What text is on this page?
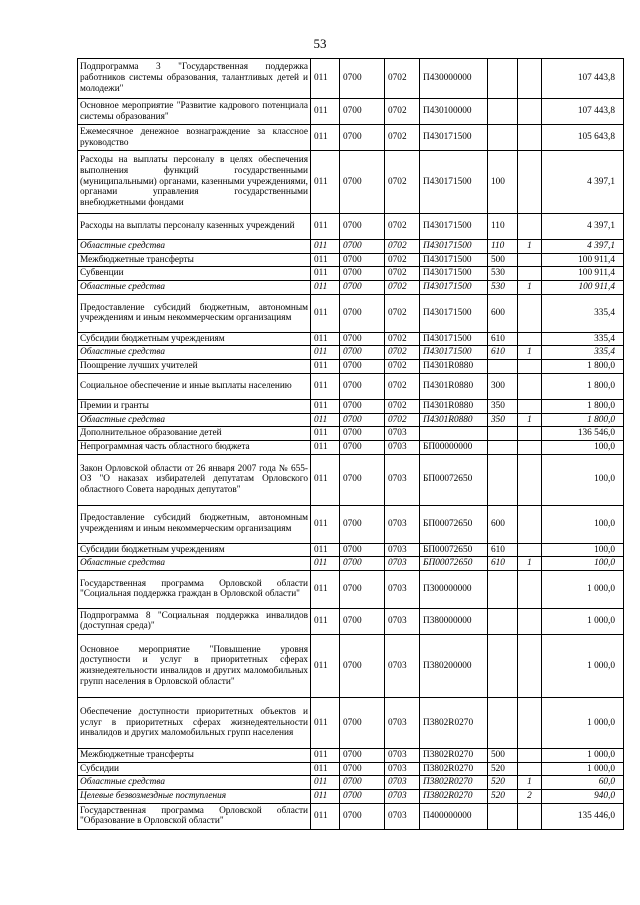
53
Подпрограмма 3 "Государственная поддержка работников системы образования, талантливых детей и молодежи"	011	0700	0702	П430000000			107 443,8
Основное мероприятие "Развитие кадрового потенциала системы образования"	011	0700	0702	П430100000			107 443,8
Ежемесячное денежное вознаграждение за классное руководство	011	0700	0702	П430171500			105 643,8
Расходы на выплаты персоналу в целях обеспечения выполнения функций государственными (муниципальными) органами, казенными учреждениями, органами управления государственными внебюджетными фондами	011	0700	0702	П430171500	100		4 397,1
Расходы на выплаты персоналу казенных учреждений	011	0700	0702	П430171500	110		4 397,1
Областные средства	011	0700	0702	П430171500	110	1	4 397,1
Межбюджетные трансферты	011	0700	0702	П430171500	500		100 911,4
Субвенции	011	0700	0702	П430171500	530		100 911,4
Областные средства	011	0700	0702	П430171500	530	1	100 911,4
Предоставление субсидий бюджетным, автономным учреждениям и иным некоммерческим организациям	011	0700	0702	П430171500	600		335,4
Субсидии бюджетным учреждениям	011	0700	0702	П430171500	610		335,4
Областные средства	011	0700	0702	П430171500	610	1	335,4
Поощрение лучших учителей	011	0700	0702	П4301R0880			1 800,0
Социальное обеспечение и иные выплаты населению	011	0700	0702	П4301R0880	300		1 800,0
Премии и гранты	011	0700	0702	П4301R0880	350		1 800,0
Областные средства	011	0700	0702	П4301R0880	350	1	1 800,0
Дополнительное образование детей	011	0700	0703				136 546,0
Непрограммная часть областного бюджета	011	0700	0703	БП00000000			100,0
Закон Орловской области от 26 января 2007 года № 655-ОЗ "О наказах избирателей депутатам Орловского областного Совета народных депутатов"	011	0700	0703	БП00072650			100,0
Предоставление субсидий бюджетным, автономным учреждениям и иным некоммерческим организациям	011	0700	0703	БП00072650	600		100,0
Субсидии бюджетным учреждениям	011	0700	0703	БП00072650	610		100,0
Областные средства	011	0700	0703	БП00072650	610	1	100,0
Государственная программа Орловской области "Социальная поддержка граждан в Орловской области"	011	0700	0703	П300000000			1 000,0
Подпрограмма 8 "Социальная поддержка инвалидов (доступная среда)"	011	0700	0703	П380000000			1 000,0
Основное мероприятие "Повышение уровня доступности и услуг в приоритетных сферах жизнедеятельности инвалидов и других маломобильных групп населения в Орловской области"	011	0700	0703	П380200000			1 000,0
Обеспечение доступности приоритетных объектов и услуг в приоритетных сферах жизнедеятельности инвалидов и других маломобильных групп населения	011	0700	0703	П3802R0270			1 000,0
Межбюджетные трансферты	011	0700	0703	П3802R0270	500		1 000,0
Субсидии	011	0700	0703	П3802R0270	520		1 000,0
Областные средства	011	0700	0703	П3802R0270	520	1	60,0
Целевые безвозмездные поступления	011	0700	0703	П3802R0270	520	2	940,0
Государственная программа Орловской области "Образование в Орловской области"	011	0700	0703	П400000000			135 446,0
